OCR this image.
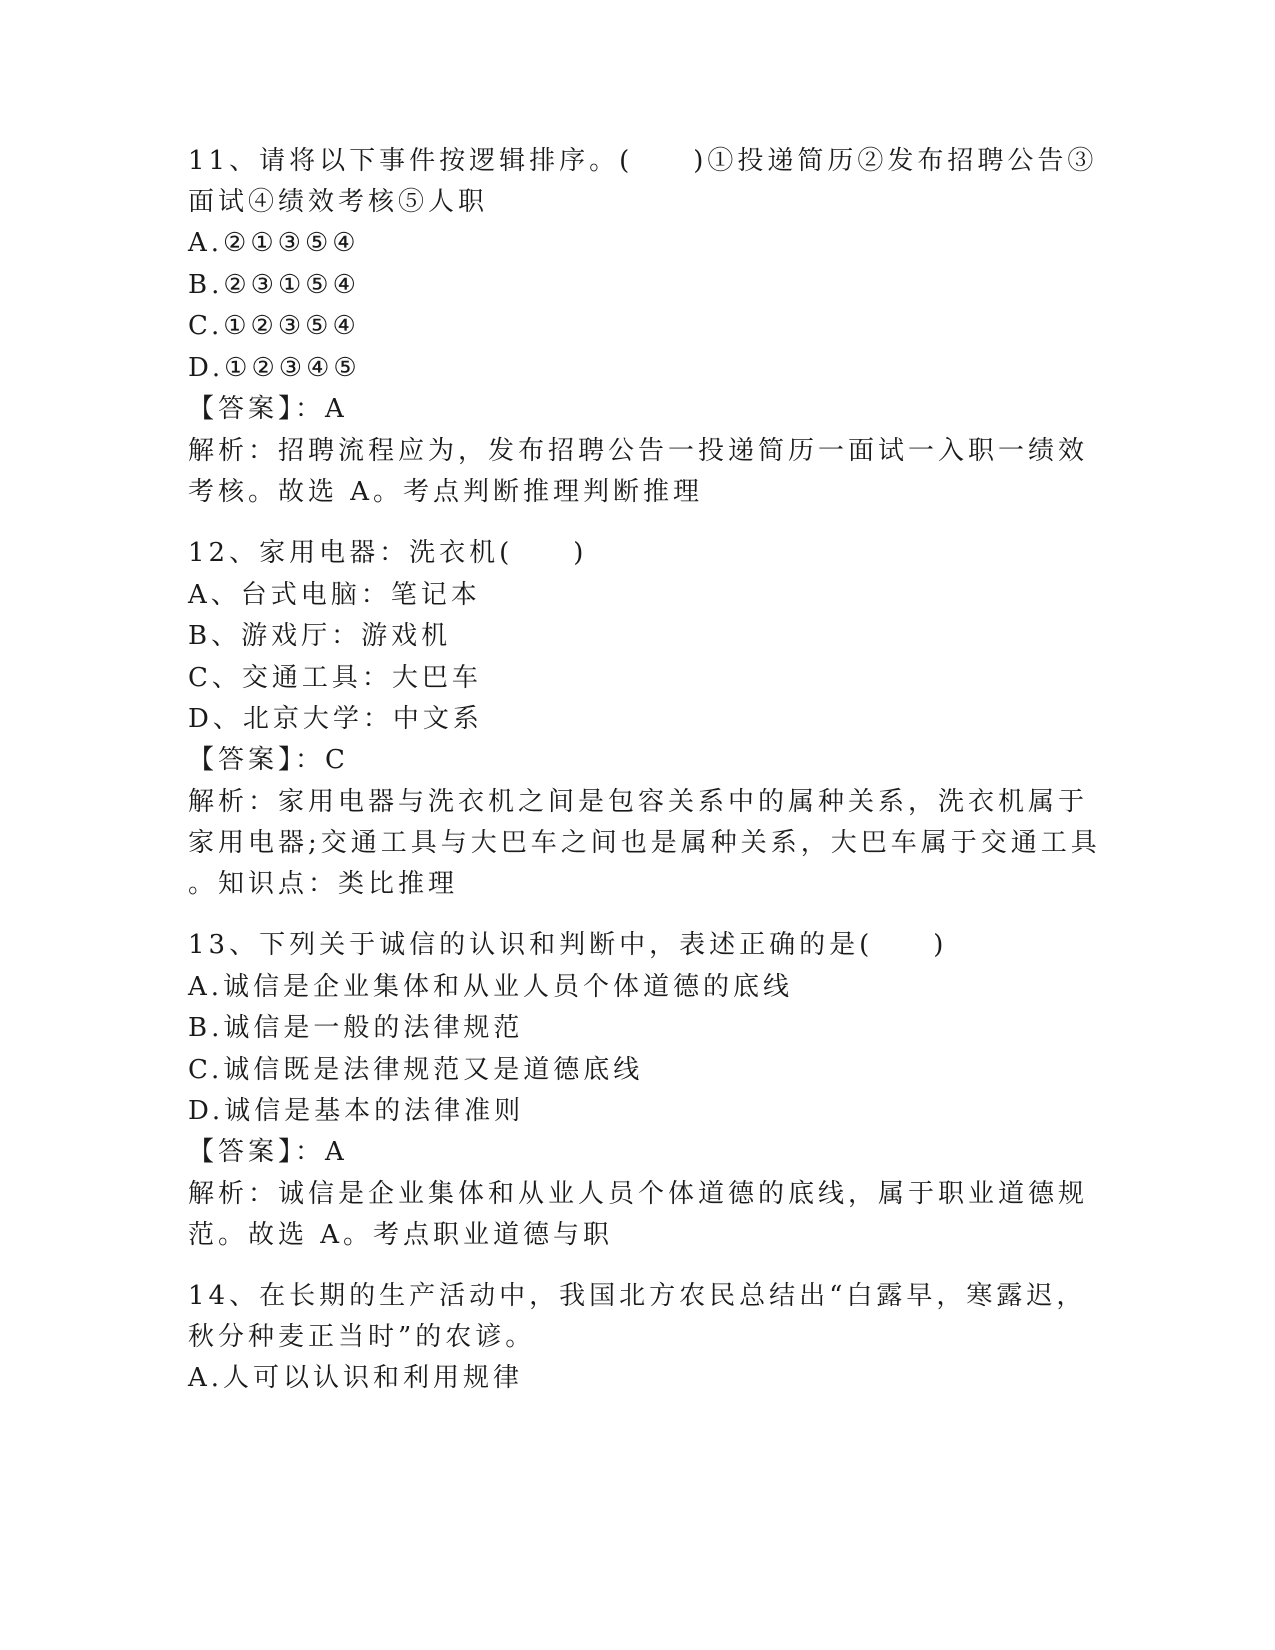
11、请将以下事件按逻辑排序。(　　)①投递简历②发布招聘公告③
面试④绩效考核⑤人职
A.②①③⑤④
B.②③①⑤④
C.①②③⑤④
D.①②③④⑤
【答案】：A
解析：招聘流程应为，发布招聘公告一投递简历一面试一入职一绩效
考核。故选 A。考点判断推理判断推理
12、家用电器：洗衣机(　　)
A、台式电脑：笔记本
B、游戏厅：游戏机
C、交通工具：大巴车
D、北京大学：中文系
【答案】：C
解析：家用电器与洗衣机之间是包容关系中的属种关系，洗衣机属于
家用电器;交通工具与大巴车之间也是属种关系，大巴车属于交通工具
。知识点：类比推理
13、下列关于诚信的认识和判断中，表述正确的是(　　)
A.诚信是企业集体和从业人员个体道德的底线
B.诚信是一般的法律规范
C.诚信既是法律规范又是道德底线
D.诚信是基本的法律准则
【答案】：A
解析：诚信是企业集体和从业人员个体道德的底线，属于职业道德规
范。故选 A。考点职业道德与职
14、在长期的生产活动中，我国北方农民总结出“白露早，寒露迟，
秋分种麦正当时”的农谚。
A.人可以认识和利用规律
